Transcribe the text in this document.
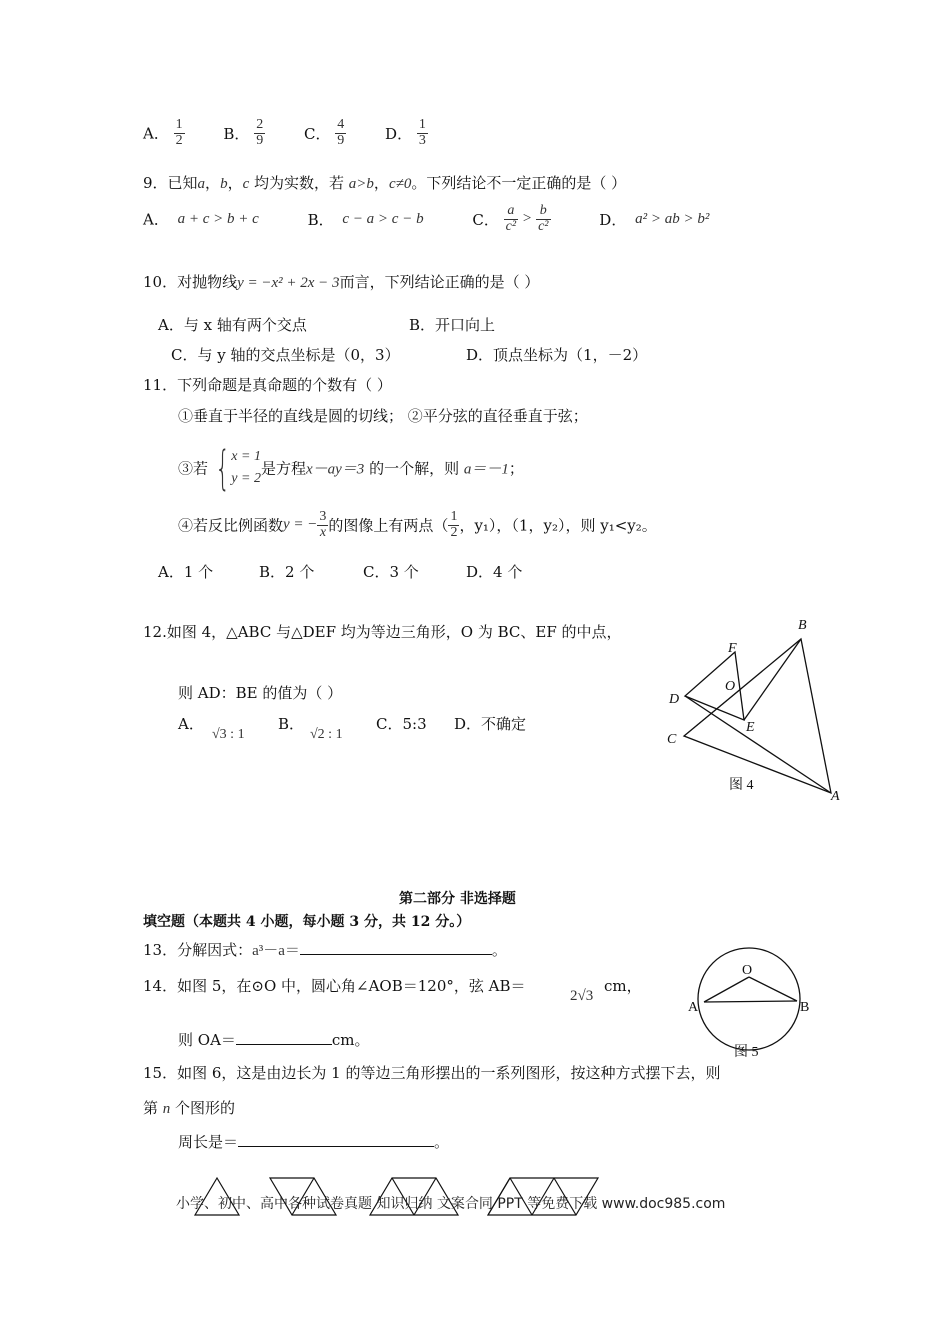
A． $\frac{1}{2}$	B． $\frac{2}{9}$	C． $\frac{4}{9}$	D． $\frac{1}{3}$
9．已知a，b，c 均为实数，若 a>b，c≠0。下列结论不一定正确的是（ ）
A． a + c > b + c	B． c − a > c − b	C． $\frac{a}{\text{c²}} > \frac{b}{\text{c²}}$	D． a² > ab > b²
10．对抛物线y = −x² + 2x − 3而言，下列结论正确的是（ ）
A．与 x 轴有两个交点	B．开口向上
C．与 y 轴的交点坐标是（0，3）	D．顶点坐标为（1，－2）
11．下列命题是真命题的个数有（ ）
①垂直于半径的直线是圆的切线； ②平分弦的直径垂直于弦；
③若 {x = 1
y = 2是方程x－ay＝3 的一个解，则 a＝－1；
④若反比例函数y = − $\frac{3}{x}$ 的图像上有两点（ $\frac{1}{2}$ ，y₁），（1，y₂），则 y₁<y₂。
A．1 个	B．2 个	C．3 个	D．4 个
12.如图 4，△ABC 与△DEF 均为等边三角形，O 为 BC、EF 的中点，
则 AD：BE 的值为（ ）
A．
√3 : 1
B．
√2 : 1
C．5:3 D．不确定
B
F
O
D
E
C
A
图 4
第二部分 非选择题
填空题（本题共 4 小题，每小题 3 分，共 12 分。）
13．分解因式：a³－a＝	。
14．如图 5，在⊙O 中，圆心角∠AOB＝120°，弦 AB＝
2√3
cm，
则 OA＝	cm。
O
A	B
图 5
15．如图 6，这是由边长为 1 的等边三角形摆出的一系列图形，按这种方式摆下去，则
第 n 个图形的
周长是＝	。
小学、初中、高中各种试卷真题 知识归纳 文案合同 PPT 等免费下载 www.doc985.com
